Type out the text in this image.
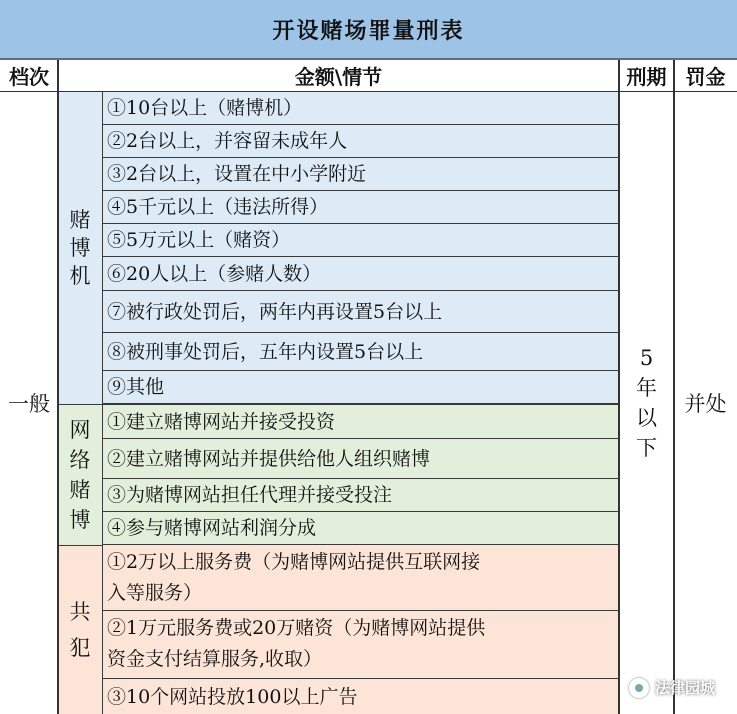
开设赌场罪量刑表
档次	金额\情节	刑期 罚金
赌
博
机
网
络
赌
博
共
犯
①10台以上（赌博机）
②2台以上，并容留未成年人
③2台以上，设置在中小学附近
④5千元以上（违法所得）
⑤5万元以上（赌资）
⑥20人以上（参赌人数）
⑦被行政处罚后，两年内再设置5台以上
⑧被刑事处罚后，五年内设置5台以上
⑨其他
①建立赌博网站并接受投资
②建立赌博网站并提供给他人组织赌博
③为赌博网站担任代理并接受投注
④参与赌博网站利润分成
①2万以上服务费（为赌博网站提供互联网接
入等服务）
②1万元服务费或20万赌资（为赌博网站提供
资金支付结算服务,收取）
③10个网站投放100以上广告
一般
5
年
以
下
并处
法律园城
